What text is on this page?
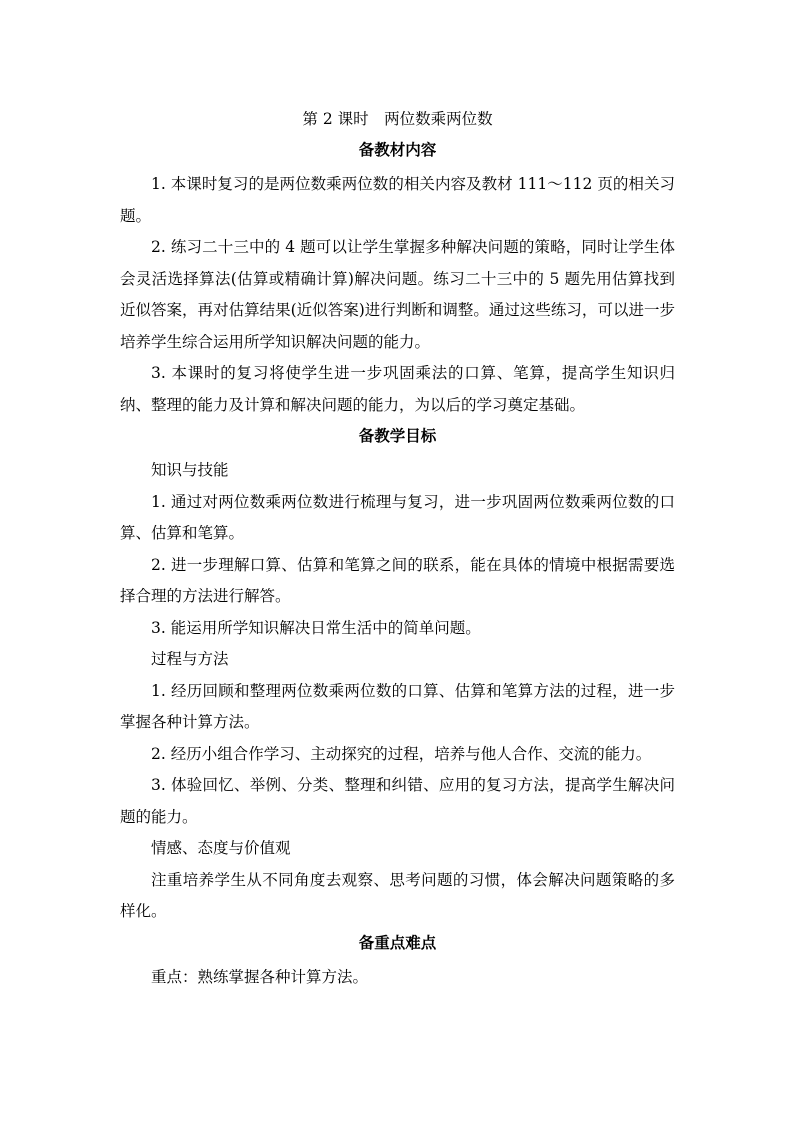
第 2 课时　两位数乘两位数
备教材内容

1. 本课时复习的是两位数乘两位数的相关内容及教材 111～112 页的相关习题。

2. 练习二十三中的 4 题可以让学生掌握多种解决问题的策略，同时让学生体会灵活选择算法(估算或精确计算)解决问题。练习二十三中的 5 题先用估算找到近似答案，再对估算结果(近似答案)进行判断和调整。通过这些练习，可以进一步培养学生综合运用所学知识解决问题的能力。

3. 本课时的复习将使学生进一步巩固乘法的口算、笔算，提高学生知识归纳、整理的能力及计算和解决问题的能力，为以后的学习奠定基础。

备教学目标

知识与技能

1. 通过对两位数乘两位数进行梳理与复习，进一步巩固两位数乘两位数的口算、估算和笔算。

2. 进一步理解口算、估算和笔算之间的联系，能在具体的情境中根据需要选择合理的方法进行解答。

3. 能运用所学知识解决日常生活中的简单问题。

过程与方法

1. 经历回顾和整理两位数乘两位数的口算、估算和笔算方法的过程，进一步掌握各种计算方法。

2. 经历小组合作学习、主动探究的过程，培养与他人合作、交流的能力。

3. 体验回忆、举例、分类、整理和纠错、应用的复习方法，提高学生解决问题的能力。

情感、态度与价值观

注重培养学生从不同角度去观察、思考问题的习惯，体会解决问题策略的多样化。

备重点难点

重点：熟练掌握各种计算方法。
